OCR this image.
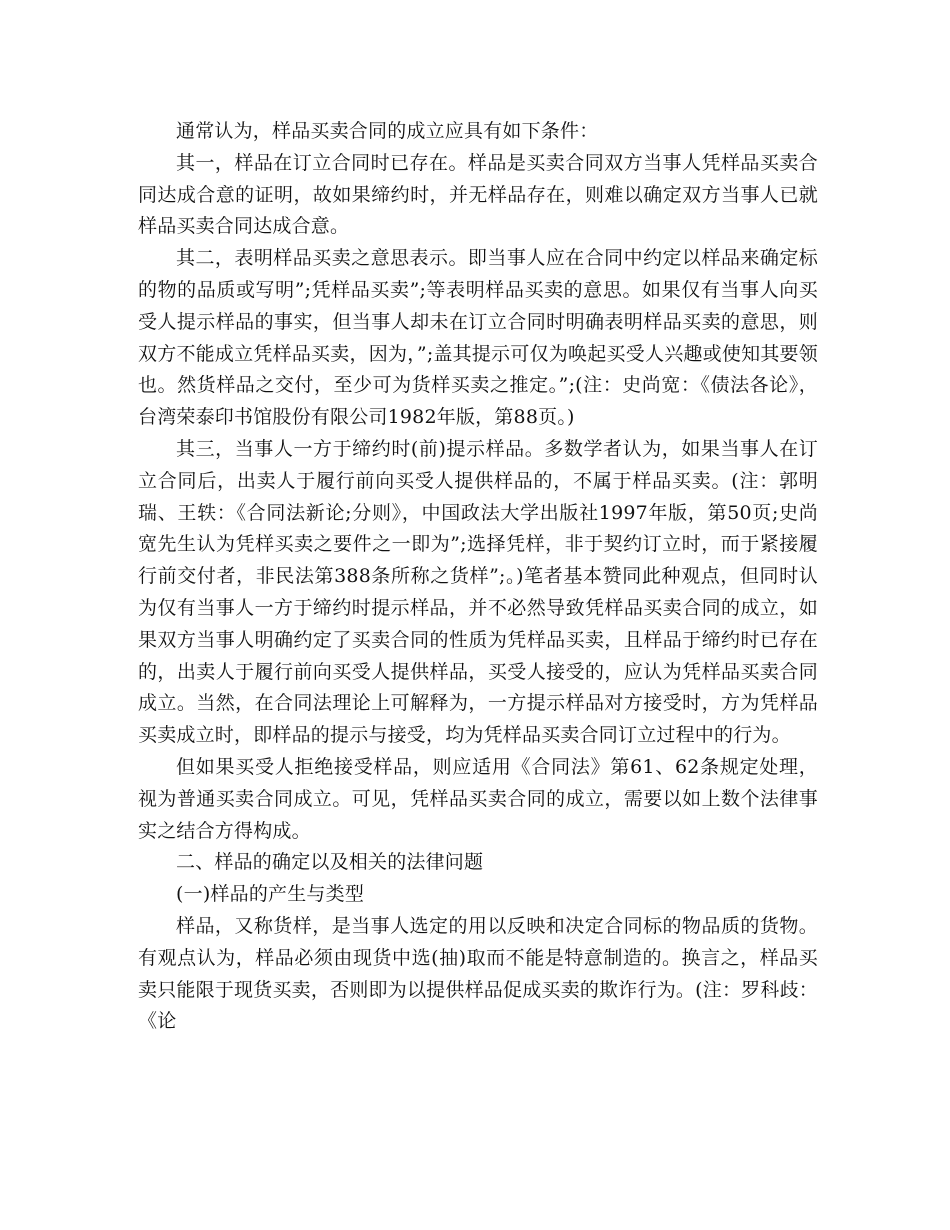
通常认为，样品买卖合同的成立应具有如下条件：

其一，样品在订立合同时已存在。样品是买卖合同双方当事人凭样品买卖合同达成合意的证明，故如果缔约时，并无样品存在，则难以确定双方当事人已就样品买卖合同达成合意。

其二，表明样品买卖之意思表示。即当事人应在合同中约定以样品来确定标的物的品质或写明”;凭样品买卖”;等表明样品买卖的意思。如果仅有当事人向买受人提示样品的事实，但当事人却未在订立合同时明确表明样品买卖的意思，则双方不能成立凭样品买卖，因为，”;盖其提示可仅为唤起买受人兴趣或使知其要领也。然货样品之交付，至少可为货样买卖之推定。”;(注：史尚宽：《债法各论》，台湾荣泰印书馆股份有限公司1982年版，第88页。)

其三，当事人一方于缔约时(前)提示样品。多数学者认为，如果当事人在订立合同后，出卖人于履行前向买受人提供样品的，不属于样品买卖。(注：郭明瑞、王轶：《合同法新论;分则》，中国政法大学出版社1997年版，第50页;史尚宽先生认为凭样买卖之要件之一即为”;选择凭样，非于契约订立时，而于紧接履行前交付者，非民法第388条所称之货样”;。)笔者基本赞同此种观点，但同时认为仅有当事人一方于缔约时提示样品，并不必然导致凭样品买卖合同的成立，如果双方当事人明确约定了买卖合同的性质为凭样品买卖，且样品于缔约时已存在的，出卖人于履行前向买受人提供样品，买受人接受的，应认为凭样品买卖合同成立。当然，在合同法理论上可解释为，一方提示样品对方接受时，方为凭样品买卖成立时，即样品的提示与接受，均为凭样品买卖合同订立过程中的行为。

但如果买受人拒绝接受样品，则应适用《合同法》第61、62条规定处理，视为普通买卖合同成立。可见，凭样品买卖合同的成立，需要以如上数个法律事实之结合方得构成。

二、样品的确定以及相关的法律问题

(一)样品的产生与类型

样品，又称货样，是当事人选定的用以反映和决定合同标的物品质的货物。有观点认为，样品必须由现货中选(抽)取而不能是特意制造的。换言之，样品买卖只能限于现货买卖，否则即为以提供样品促成买卖的欺诈行为。(注：罗科歧：《论
